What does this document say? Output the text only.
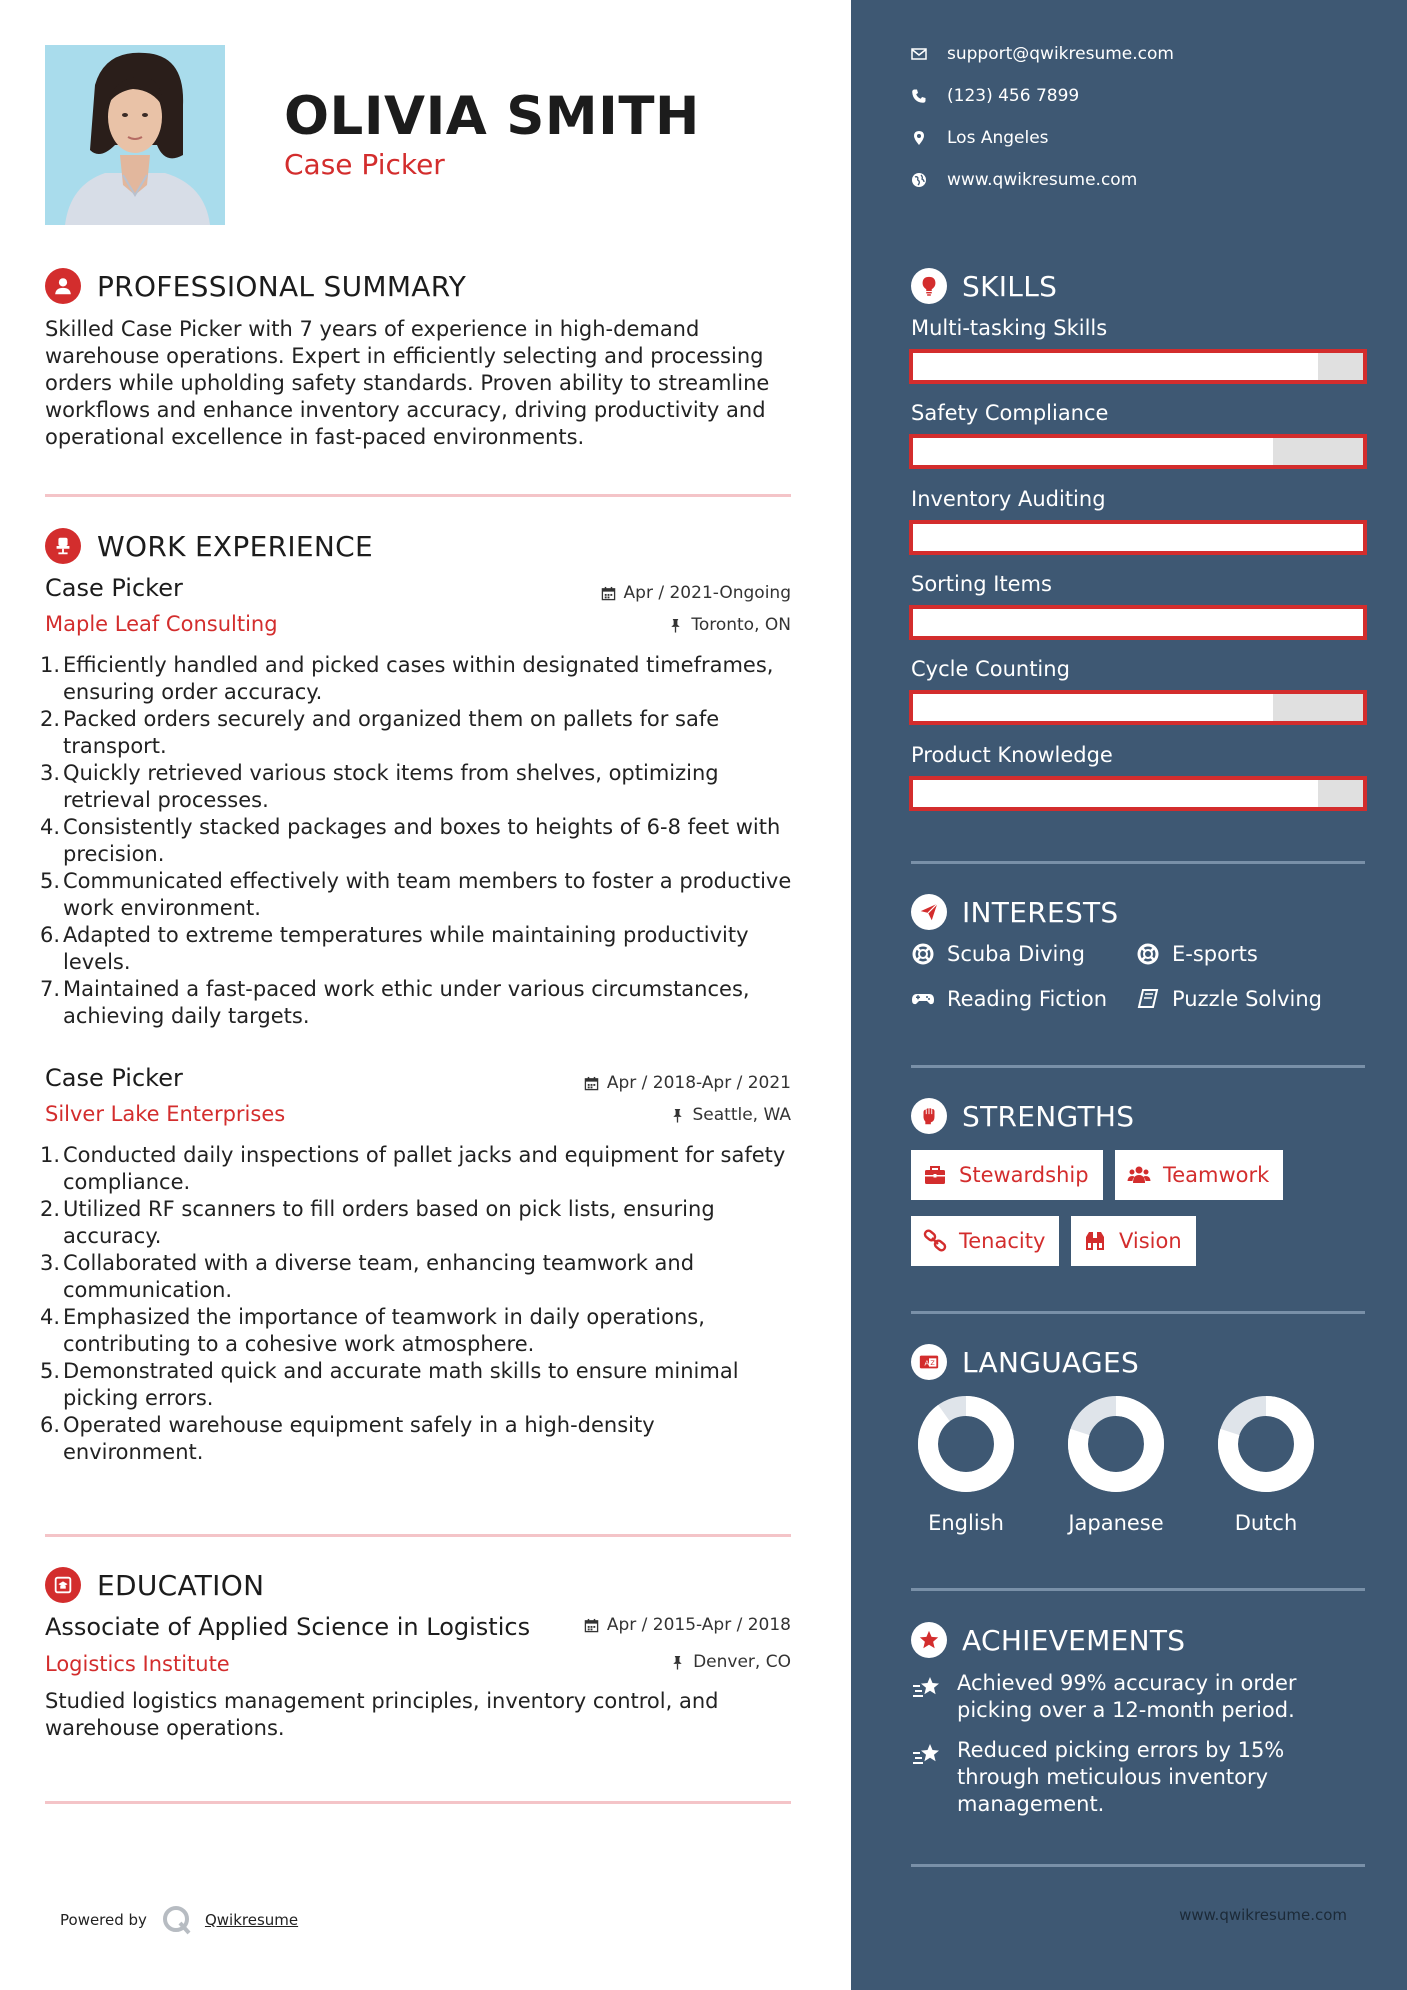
OLIVIA SMITH
Case Picker
PROFESSIONAL SUMMARY

Skilled Case Picker with 7 years of experience in high-demand warehouse operations. Expert in efficiently selecting and processing orders while upholding safety standards. Proven ability to streamline workflows and enhance inventory accuracy, driving productivity and operational excellence in fast-paced environments.

WORK EXPERIENCE
Case Picker	Apr / 2021-Ongoing
Maple Leaf Consulting	Toronto, ON
1. Efficiently handled and picked cases within designated timeframes, ensuring order accuracy.
2. Packed orders securely and organized them on pallets for safe transport.
3. Quickly retrieved various stock items from shelves, optimizing retrieval processes.
4. Consistently stacked packages and boxes to heights of 6-8 feet with precision.
5. Communicated effectively with team members to foster a productive work environment.
6. Adapted to extreme temperatures while maintaining productivity levels.
7. Maintained a fast-paced work ethic under various circumstances, achieving daily targets.
Case Picker	Apr / 2018-Apr / 2021
Silver Lake Enterprises	Seattle, WA
1. Conducted daily inspections of pallet jacks and equipment for safety compliance.
2. Utilized RF scanners to fill orders based on pick lists, ensuring accuracy.
3. Collaborated with a diverse team, enhancing teamwork and communication.
4. Emphasized the importance of teamwork in daily operations, contributing to a cohesive work atmosphere.
5. Demonstrated quick and accurate math skills to ensure minimal picking errors.
6. Operated warehouse equipment safely in a high-density environment.
EDUCATION
Associate of Applied Science in Logistics	Apr / 2015-Apr / 2018
Logistics Institute	Denver, CO

Studied logistics management principles, inventory control, and warehouse operations.

Powered by	Qwikresume
support@qwikresume.com
(123) 456 7899
Los Angeles
www.qwikresume.com
SKILLS
Multi-tasking Skills
Safety Compliance
Inventory Auditing
Sorting Items
Cycle Counting
Product Knowledge
INTERESTS
Scuba Diving	E-sports
Reading Fiction	Puzzle Solving
STRENGTHS
Stewardship	Teamwork
Tenacity	Vision
A Z LANGUAGES
English	Japanese	Dutch
ACHIEVEMENTS
Achieved 99% accuracy in order picking over a 12-month period.
Reduced picking errors by 15% through meticulous inventory management.
www.qwikresume.com
